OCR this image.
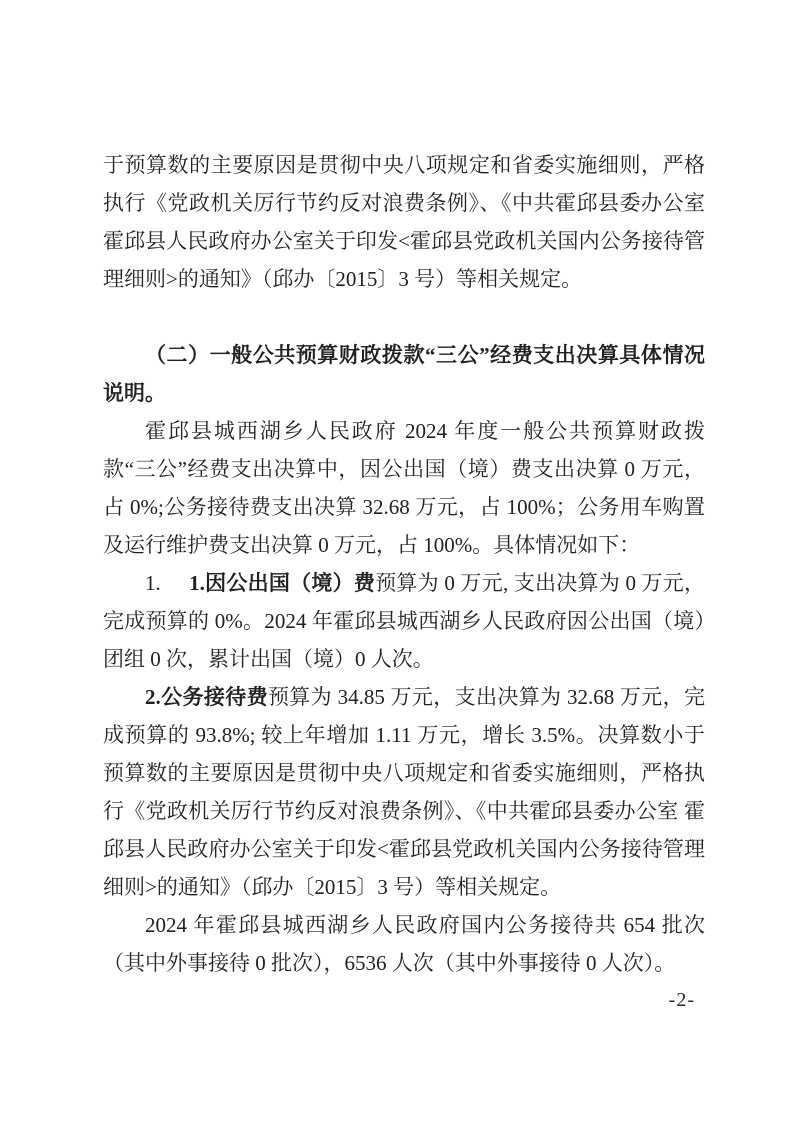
于预算数的主要原因是贯彻中央八项规定和省委实施细则，严格执行《党政机关厉行节约反对浪费条例》、《中共霍邱县委办公室 霍邱县人民政府办公室关于印发<霍邱县党政机关国内公务接待管理细则>的通知》（邱办〔2015〕3 号）等相关规定。

（二）一般公共预算财政拨款“三公”经费支出决算具体情况说明。

霍邱县城西湖乡人民政府 2024 年度一般公共预算财政拨款“三公”经费支出决算中，因公出国（境）费支出决算 0 万元，占 0%;公务接待费支出决算 32.68 万元，占 100%；公务用车购置及运行维护费支出决算 0 万元，占 100%。具体情况如下：

1. 1.因公出国（境）费预算为 0 万元, 支出决算为 0 万元，完成预算的 0%。2024 年霍邱县城西湖乡人民政府因公出国（境）团组 0 次，累计出国（境）0 人次。

2.公务接待费预算为 34.85 万元，支出决算为 32.68 万元，完成预算的 93.8%; 较上年增加 1.11 万元，增长 3.5%。决算数小于预算数的主要原因是贯彻中央八项规定和省委实施细则，严格执行《党政机关厉行节约反对浪费条例》、《中共霍邱县委办公室 霍邱县人民政府办公室关于印发<霍邱县党政机关国内公务接待管理细则>的通知》（邱办〔2015〕3 号）等相关规定。

2024 年霍邱县城西湖乡人民政府国内公务接待共 654 批次（其中外事接待 0 批次），6536 人次（其中外事接待 0 人次）。

-2-
